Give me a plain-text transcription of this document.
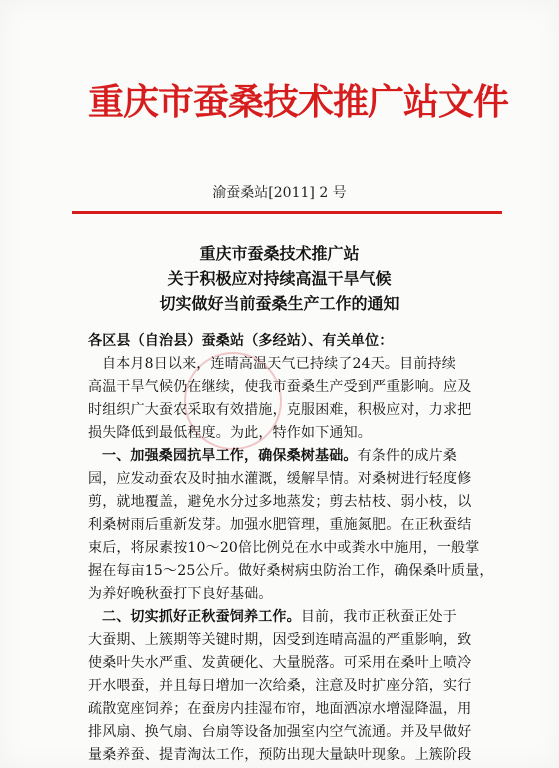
重庆市蚕桑技术推广站文件

渝蚕桑站[2011] 2 号

重庆市蚕桑技术推广站
关于积极应对持续高温干旱气候
切实做好当前蚕桑生产工作的通知

各区县（自治县）蚕桑站（多经站）、有关单位：

自本月8日以来，连晴高温天气已持续了24天。目前持续

高温干旱气候仍在继续，使我市蚕桑生产受到严重影响。应及

时组织广大蚕农采取有效措施，克服困难，积极应对，力求把

损失降低到最低程度。为此，特作如下通知。

一、加强桑园抗旱工作，确保桑树基础。有条件的成片桑

园，应发动蚕农及时抽水灌溉，缓解旱情。对桑树进行轻度修

剪，就地覆盖，避免水分过多地蒸发；剪去枯枝、弱小枝，以

利桑树雨后重新发芽。加强水肥管理，重施氮肥。在正秋蚕结

束后，将尿素按10～20倍比例兑在水中或粪水中施用，一般掌

握在每亩15～25公斤。做好桑树病虫防治工作，确保桑叶质量，

为养好晚秋蚕打下良好基础。

二、切实抓好正秋蚕饲养工作。目前，我市正秋蚕正处于

大蚕期、上簇期等关键时期，因受到连晴高温的严重影响，致

使桑叶失水严重、发黄硬化、大量脱落。可采用在桑叶上喷冷

开水喂蚕，并且每日增加一次给桑，注意及时扩座分箔，实行

疏散宽座饲养；在蚕房内挂湿布帘，地面洒凉水增湿降温，用

排风扇、换气扇、台扇等设备加强室内空气流通。并及早做好

量桑养蚕、提青淘汰工作，预防出现大量缺叶现象。上簇阶段
